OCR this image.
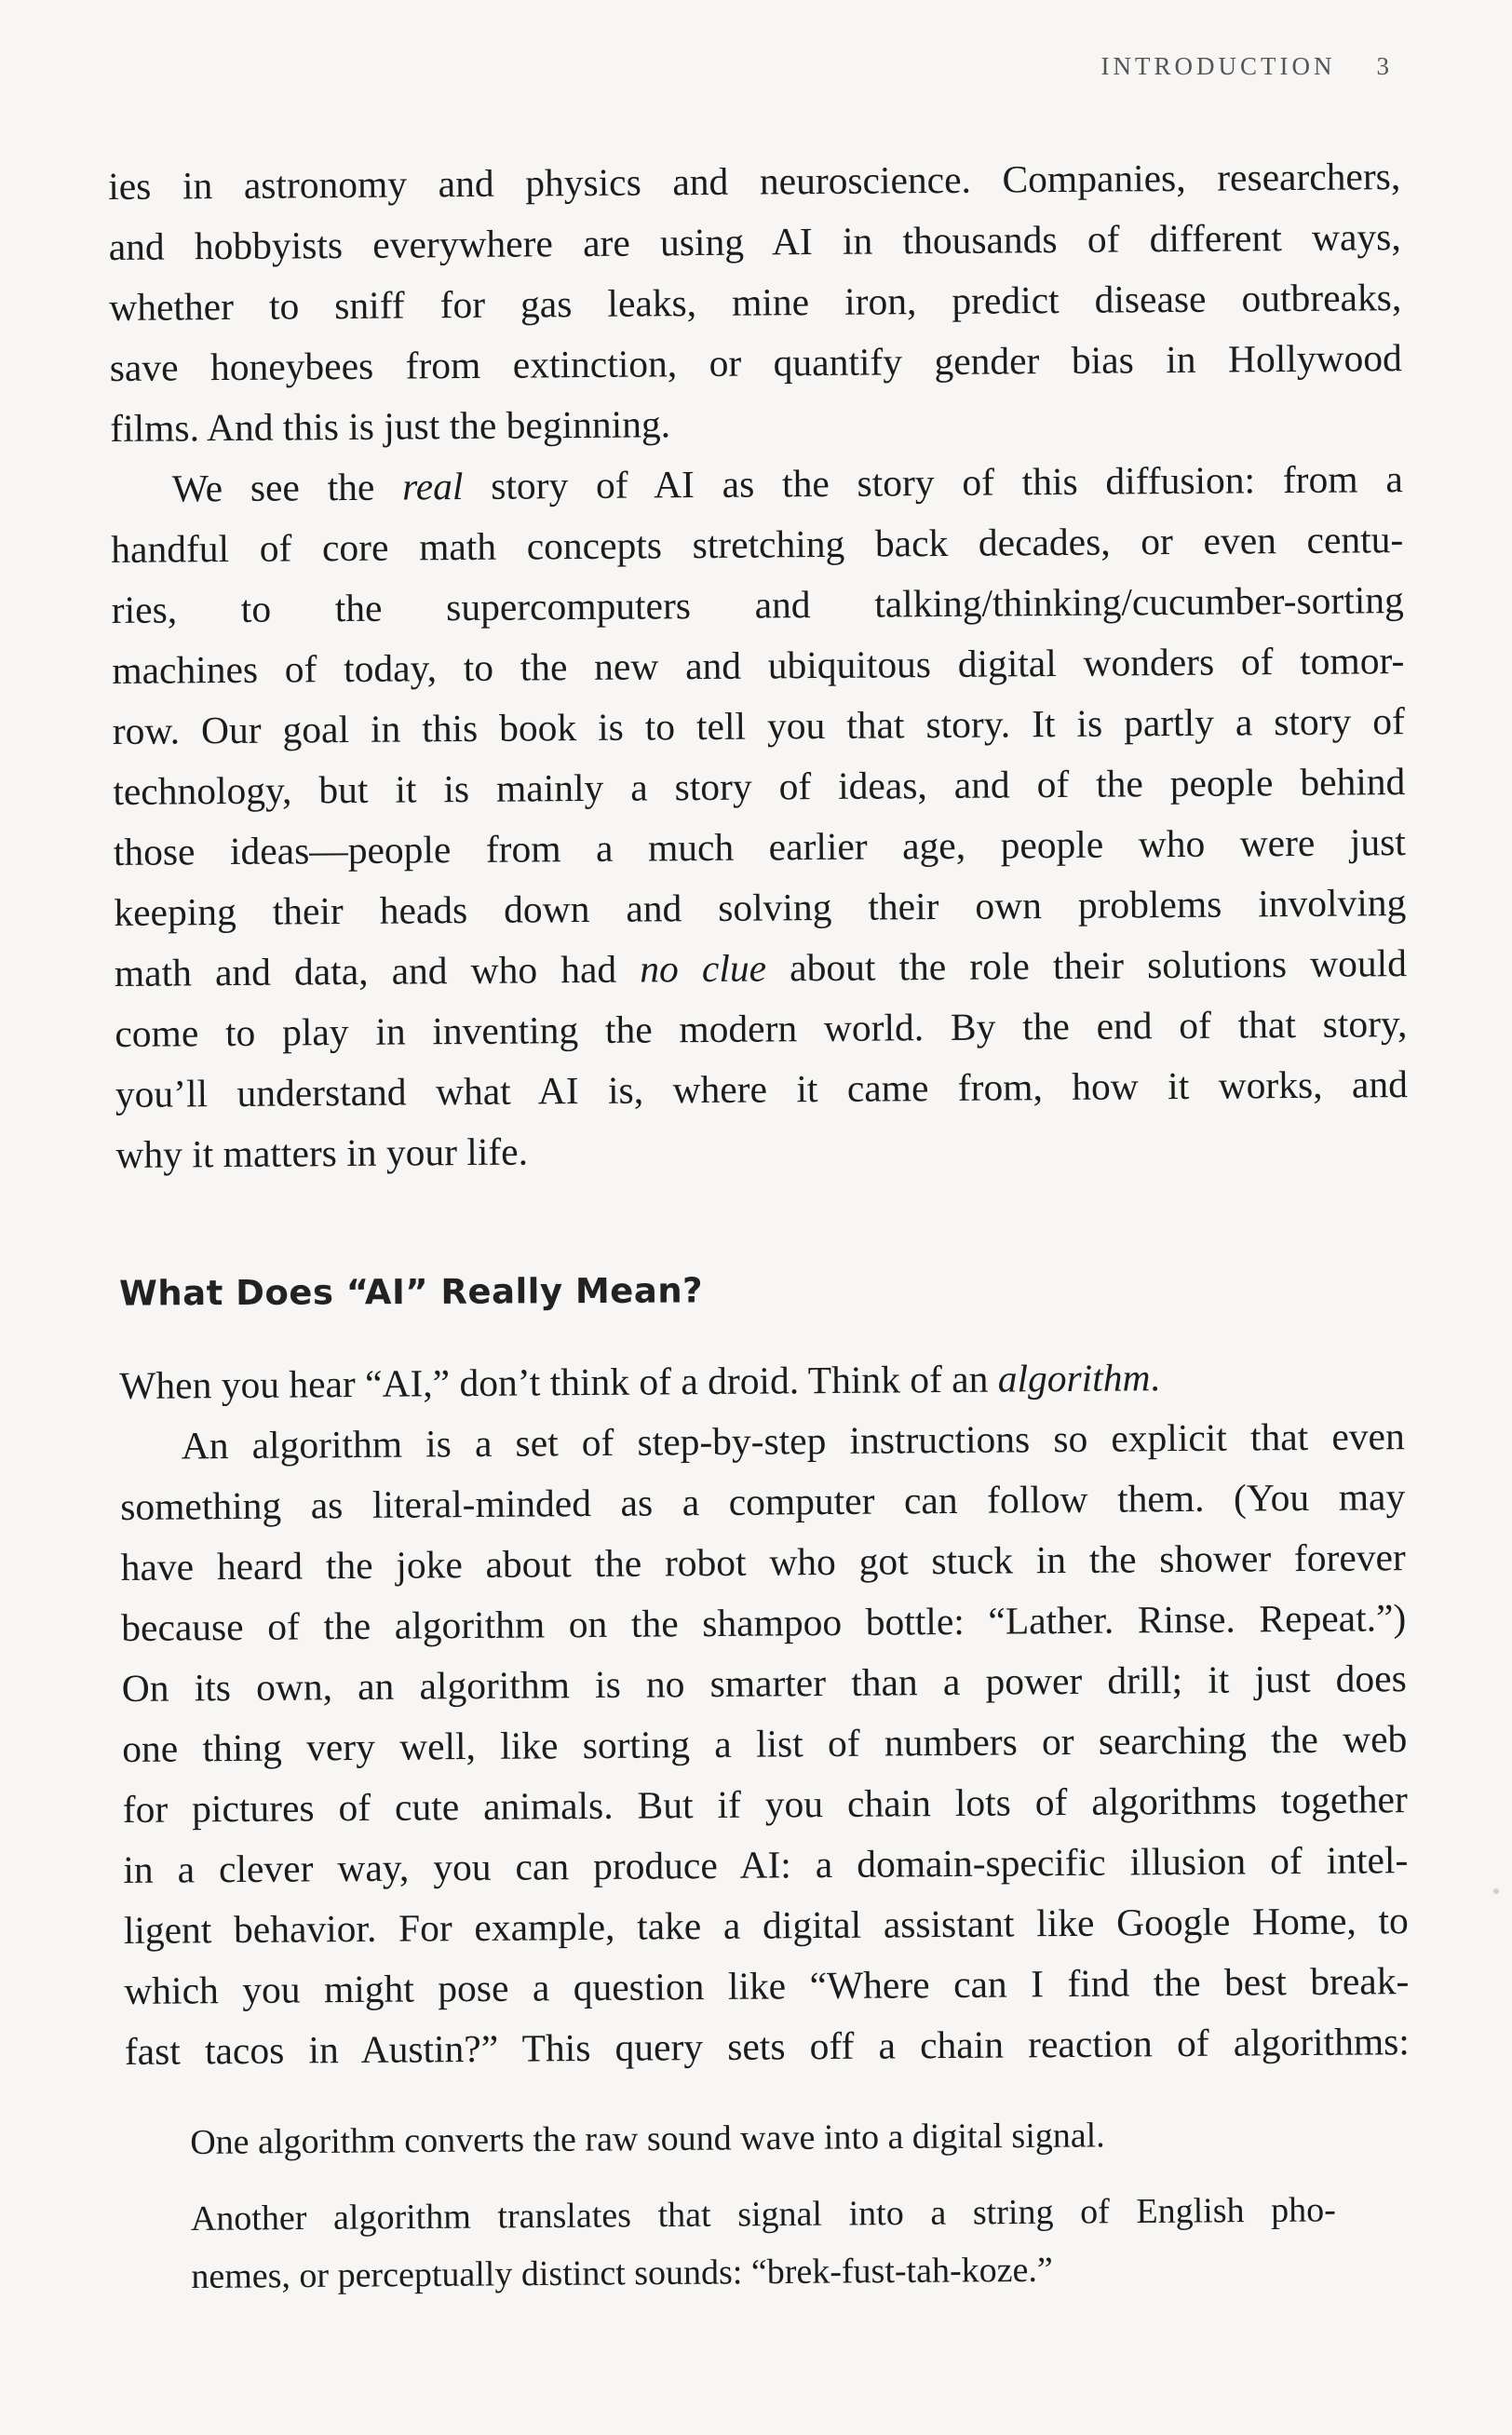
INTRODUCTION 3
ies in astronomy and physics and neuroscience. Companies, researchers,
and hobbyists everywhere are using AI in thousands of different ways,
whether to sniff for gas leaks, mine iron, predict disease outbreaks,
save honeybees from extinction, or quantify gender bias in Hollywood
films. And this is just the beginning.
We see the real story of AI as the story of this diffusion: from a
handful of core math concepts stretching back decades, or even centu-
ries, to the supercomputers and talking/thinking/cucumber-sorting
machines of today, to the new and ubiquitous digital wonders of tomor-
row. Our goal in this book is to tell you that story. It is partly a story of
technology, but it is mainly a story of ideas, and of the people behind
those ideas—people from a much earlier age, people who were just
keeping their heads down and solving their own problems involving
math and data, and who had no clue about the role their solutions would
come to play in inventing the modern world. By the end of that story,
you’ll understand what AI is, where it came from, how it works, and
why it matters in your life.
What Does “AI” Really Mean?
When you hear “AI,” don’t think of a droid. Think of an algorithm.
An algorithm is a set of step-by-step instructions so explicit that even
something as literal-minded as a computer can follow them. (You may
have heard the joke about the robot who got stuck in the shower forever
because of the algorithm on the shampoo bottle: “Lather. Rinse. Repeat.”)
On its own, an algorithm is no smarter than a power drill; it just does
one thing very well, like sorting a list of numbers or searching the web
for pictures of cute animals. But if you chain lots of algorithms together
in a clever way, you can produce AI: a domain-specific illusion of intel-
ligent behavior. For example, take a digital assistant like Google Home, to
which you might pose a question like “Where can I find the best break-
fast tacos in Austin?” This query sets off a chain reaction of algorithms:
One algorithm converts the raw sound wave into a digital signal.
Another algorithm translates that signal into a string of English pho-
nemes, or perceptually distinct sounds: “brek-fust-tah-koze.”
